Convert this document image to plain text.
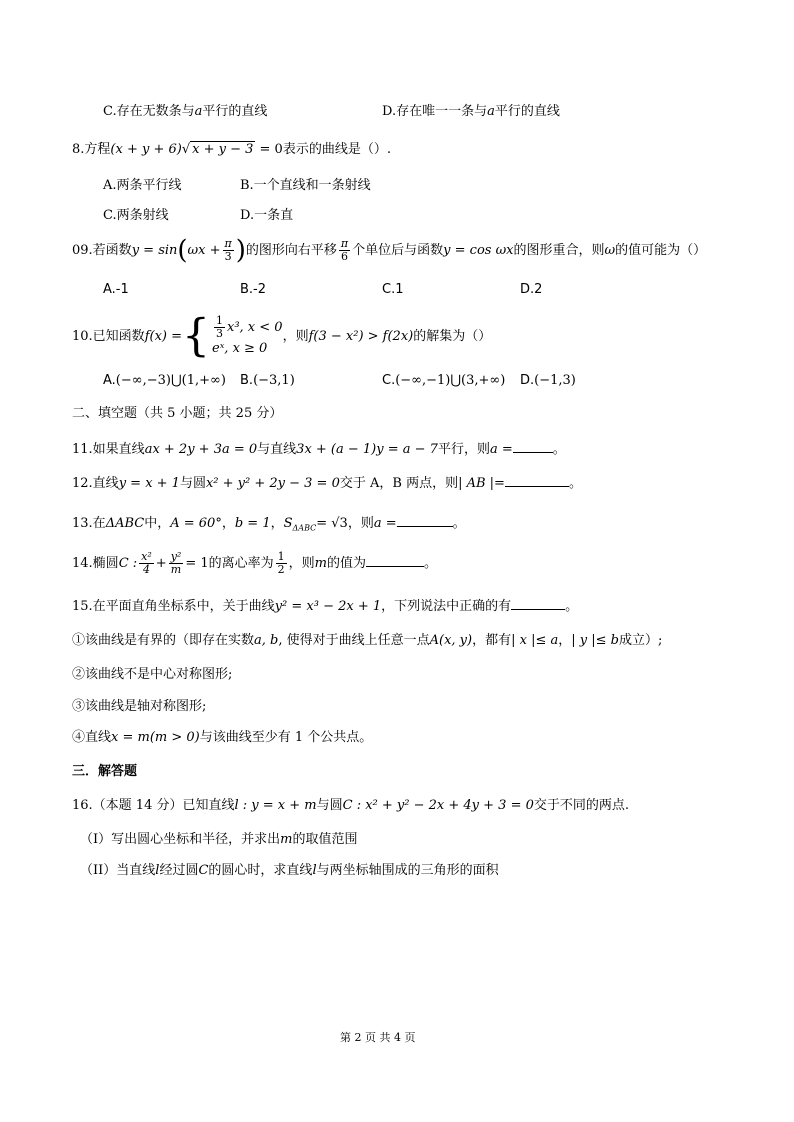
C.存在无数条与a平行的直线	D.存在唯一一条与a平行的直线
8.方程(x + y + 6)√ x + y − 3 = 0表示的曲线是（）.
A.两条平行线	B.一个直线和一条射线
C.两条射线	D.一条直
09.若函数$y = \sin(\omega x + \frac{\pi}{3}$ )的图形向右平移 $\frac{\pi}{6}$ 个单位后与函数y = cos ωx的图形重合，则ω的值可能为（）
A.-1	B.-2	C.1	D.2
10.已知函数f(x) ={ $\frac{1}{3} x^3$, x < 0
eˣ, x ≥ 0
，则f(3 − x²) > f(2x)的解集为（）
A.(−∞,−3)⋃(1,+∞) B.(−3,1)	C.(−∞,−1)⋃(3,+∞) D.(−1,3)
二、填空题（共 5 小题；共 25 分）
11.如果直线ax + 2y + 3a = 0与直线3x + (a − 1)y = a − 7平行，则a =	。
12.直线y = x + 1与圆x² + y² + 2y − 3 = 0交于 A，B 两点，则| AB |=	。
13.在ΔABC中，A = 60°，b = 1，$S_{\Delta ABC}= √3$，则a =	。
14.椭圆C : $\frac{\text{x²}}{4} + \frac{\text{y²}}{m} = 1$的离心率为 $\frac{1}{2}$ ，则m的值为	。
15.在平面直角坐标系中，关于曲线y² = x³ − 2x + 1，下列说法中正确的有	。
①该曲线是有界的（即存在实数a, b, 使得对于曲线上任意一点A(x, y)，都有| x |≤ a，| y |≤ b成立）;
②该曲线不是中心对称图形;
③该曲线是轴对称图形;
④直线x = m(m > 0)与该曲线至少有 1 个公共点。
三．解答题
16.（本题 14 分）已知直线l : y = x + m与圆C : x² + y² − 2x + 4y + 3 = 0交于不同的两点.
（I）写出圆心坐标和半径，并求出m的取值范围
（II）当直线l经过圆C的圆心时，求直线l与两坐标轴围成的三角形的面积
第 2 页 共 4 页
